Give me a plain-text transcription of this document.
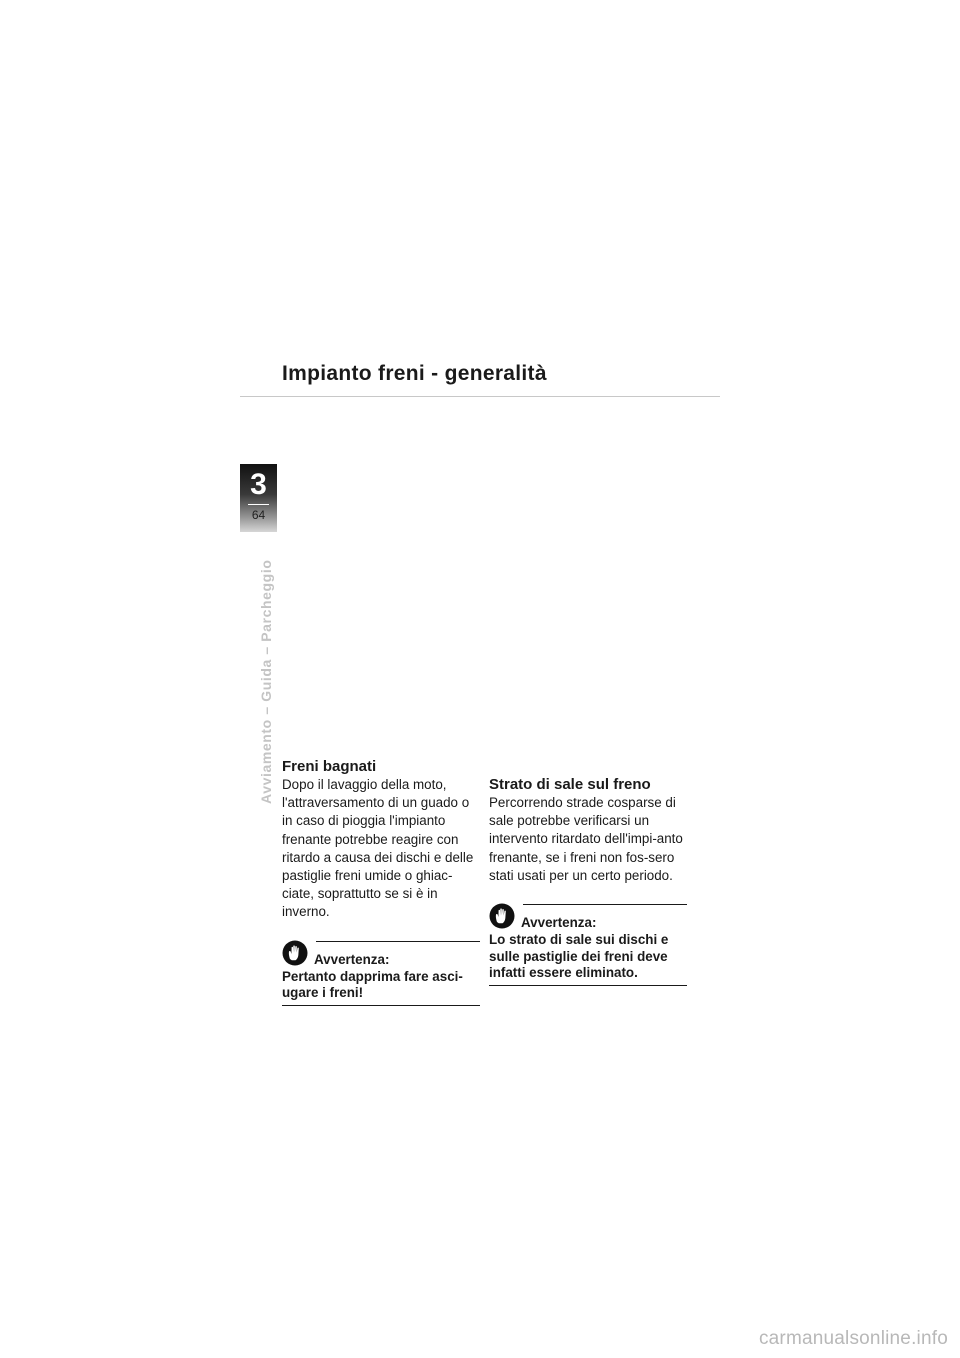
Impianto freni - generalità
3
64
Avviamento – Guida – Parcheggio Freni bagnati

Dopo il lavaggio della moto, l'attraversamento di un guado o in caso di pioggia l'impianto frenante potrebbe reagire con ritardo a causa dei dischi e delle pastiglie freni umide o ghiac-ciate, soprattutto se si è in inverno.

Avvertenza:

Pertanto dapprima fare asci-ugare i freni!

Strato di sale sul freno

Percorrendo strade cosparse di sale potrebbe verificarsi un intervento ritardato dell'impi-anto frenante, se i freni non fos-sero stati usati per un certo periodo.

Avvertenza:

Lo strato di sale sui dischi e sulle pastiglie dei freni deve infatti essere eliminato.

carmanualsonline.info
